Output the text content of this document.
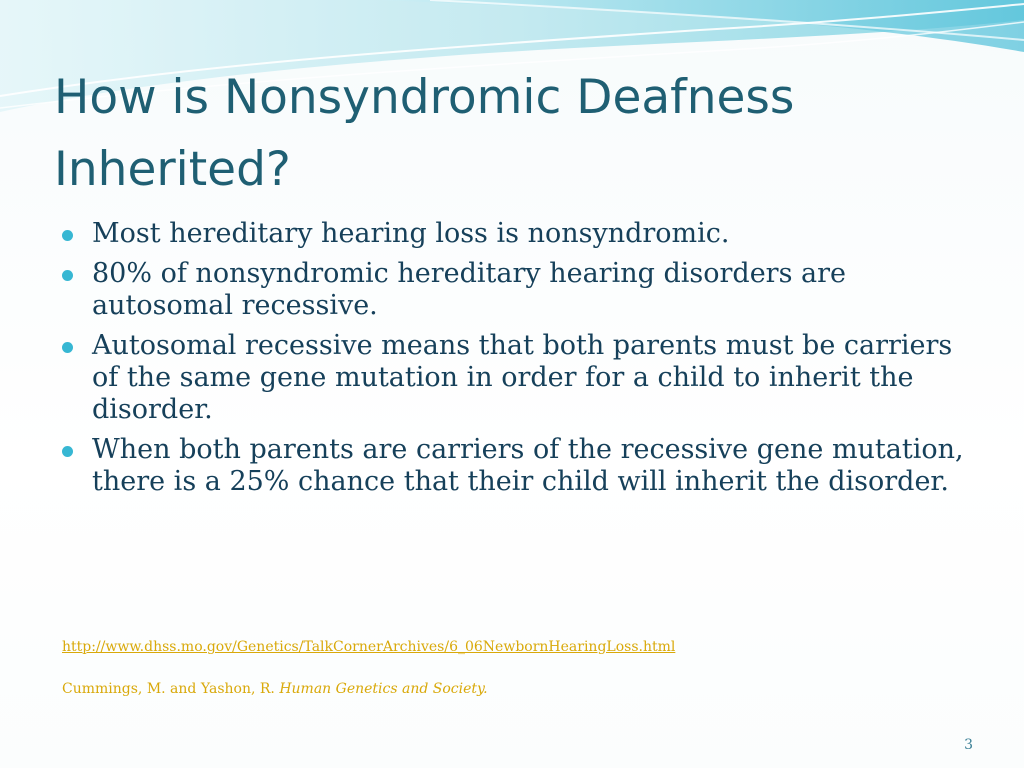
How is Nonsyndromic Deafness
Inherited?
Most hereditary hearing loss is nonsyndromic.
80% of nonsyndromic hereditary hearing disorders are autosomal recessive.
Autosomal recessive means that both parents must be carriers of the same gene mutation in order for a child to inherit the disorder.
When both parents are carriers of the recessive gene mutation, there is a 25% chance that their child will inherit the disorder.
http://www.dhss.mo.gov/Genetics/TalkCornerArchives/6_06NewbornHearingLoss.html
Cummings, M. and Yashon, R. Human Genetics and Society.
3
